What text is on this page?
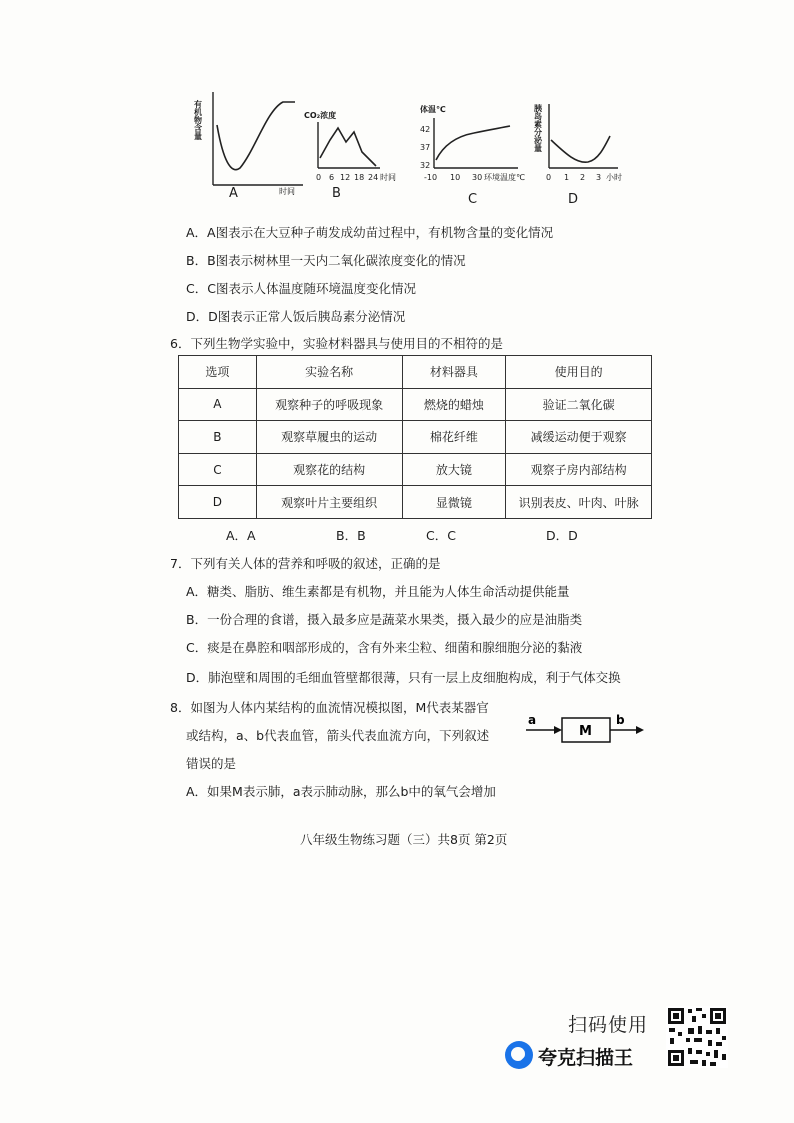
有机物含量
时间
A
CO₂浓度
0 6 12 18 24 时间
B
体温℃
42
37
32
-10 10 30 环境温度℃
C
胰岛素分泌量
0 1 2 3 小时
D
A．A图表示在大豆种子萌发成幼苗过程中，有机物含量的变化情况
B．B图表示树林里一天内二氧化碳浓度变化的情况
C．C图表示人体温度随环境温度变化情况
D．D图表示正常人饭后胰岛素分泌情况
6．下列生物学实验中，实验材料器具与使用目的不相符的是
选项	实验名称	材料器具	使用目的
A	观察种子的呼吸现象	燃烧的蜡烛	验证二氧化碳
B	观察草履虫的运动	棉花纤维	减缓运动便于观察
C	观察花的结构	放大镜	观察子房内部结构
D	观察叶片主要组织	显微镜	识别表皮、叶肉、叶脉
A．A	B．B	C．C	D．D
7．下列有关人体的营养和呼吸的叙述，正确的是
A．糖类、脂肪、维生素都是有机物，并且能为人体生命活动提供能量
B．一份合理的食谱，摄入最多应是蔬菜水果类，摄入最少的应是油脂类
C．痰是在鼻腔和咽部形成的，含有外来尘粒、细菌和腺细胞分泌的黏液
D．肺泡壁和周围的毛细血管壁都很薄，只有一层上皮细胞构成，利于气体交换
8．如图为人体内某结构的血流情况模拟图，M代表某器官
或结构，a、b代表血管，箭头代表血流方向，下列叙述
错误的是
a
M
b
A．如果M表示肺，a表示肺动脉，那么b中的氧气会增加
八年级生物练习题（三）共8页 第2页
扫码使用
夸克扫描王
